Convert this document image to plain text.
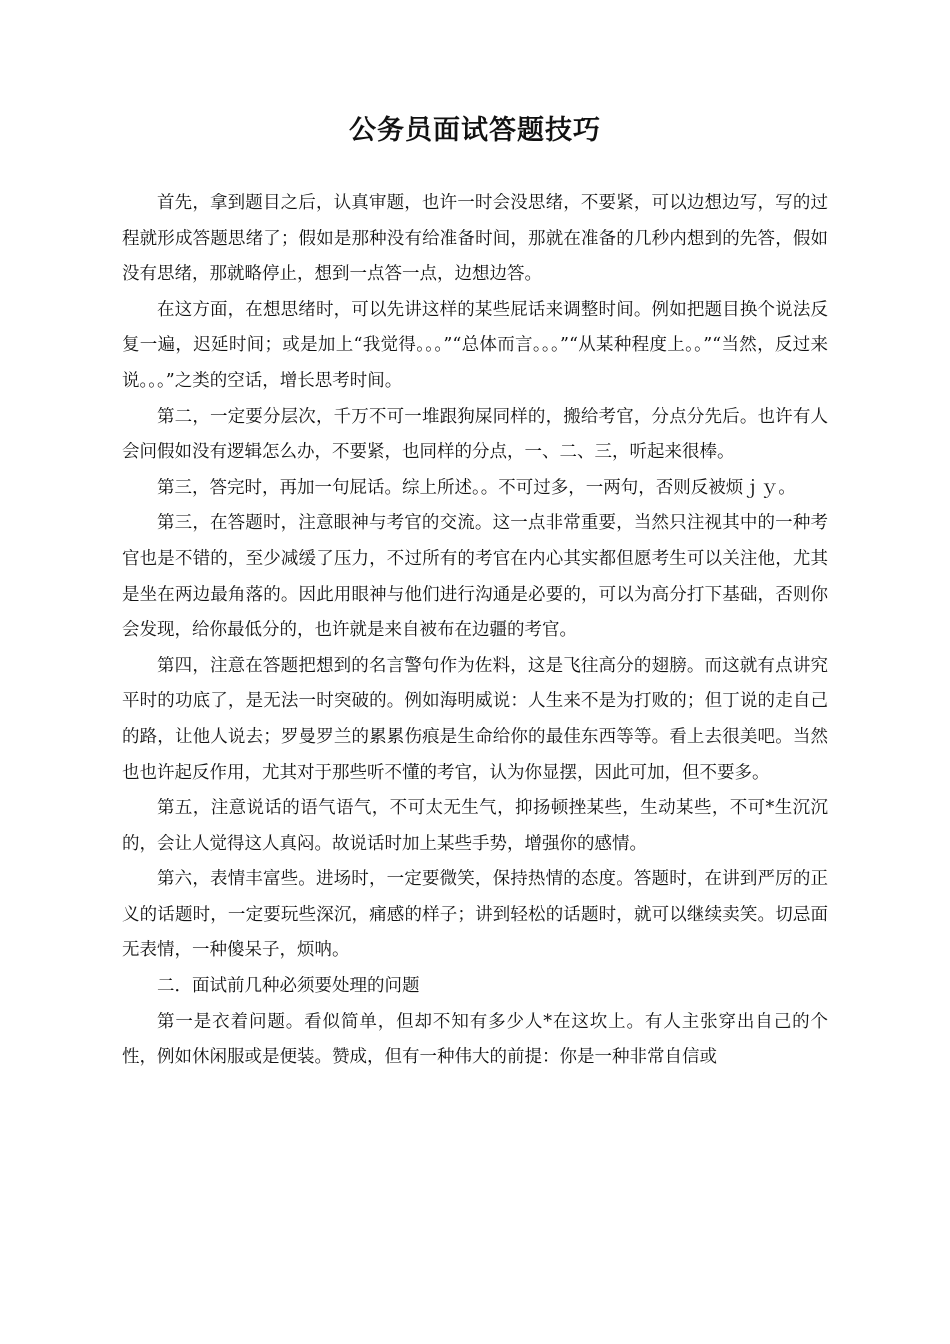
公务员面试答题技巧

首先，拿到题目之后，认真审题，也许一时会没思绪，不要紧，可以边想边写，写的过程就形成答题思绪了；假如是那种没有给准备时间，那就在准备的几秒内想到的先答，假如没有思绪，那就略停止，想到一点答一点，边想边答。

在这方面，在想思绪时，可以先讲这样的某些屁话来调整时间。例如把题目换个说法反复一遍，迟延时间；或是加上“我觉得。。。”“总体而言。。。”“从某种程度上。。”“当然，反过来说。。。”之类的空话，增长思考时间。

第二，一定要分层次，千万不可一堆跟狗屎同样的，搬给考官，分点分先后。也许有人会问假如没有逻辑怎么办，不要紧，也同样的分点，一、二、三，听起来很棒。

第三，答完时，再加一句屁话。综上所述。。不可过多，一两句，否则反被烦ｊｙ。

第三，在答题时，注意眼神与考官的交流。这一点非常重要，当然只注视其中的一种考官也是不错的，至少减缓了压力，不过所有的考官在内心其实都但愿考生可以关注他，尤其是坐在两边最角落的。因此用眼神与他们进行沟通是必要的，可以为高分打下基础，否则你会发现，给你最低分的，也许就是来自被布在边疆的考官。

第四，注意在答题把想到的名言警句作为佐料，这是飞往高分的翅膀。而这就有点讲究平时的功底了，是无法一时突破的。例如海明威说：人生来不是为打败的；但丁说的走自己的路，让他人说去；罗曼罗兰的累累伤痕是生命给你的最佳东西等等。看上去很美吧。当然也也许起反作用，尤其对于那些听不懂的考官，认为你显摆，因此可加，但不要多。

第五，注意说话的语气语气，不可太无生气，抑扬顿挫某些，生动某些，不可*生沉沉的，会让人觉得这人真闷。故说话时加上某些手势，增强你的感情。

第六，表情丰富些。进场时，一定要微笑，保持热情的态度。答题时，在讲到严厉的正义的话题时，一定要玩些深沉，痛感的样子；讲到轻松的话题时，就可以继续卖笑。切忌面无表情，一种傻呆子，烦呐。

二．面试前几种必须要处理的问题

第一是衣着问题。看似简单，但却不知有多少人*在这坎上。有人主张穿出自己的个性，例如休闲服或是便装。赞成，但有一种伟大的前提：你是一种非常自信或
